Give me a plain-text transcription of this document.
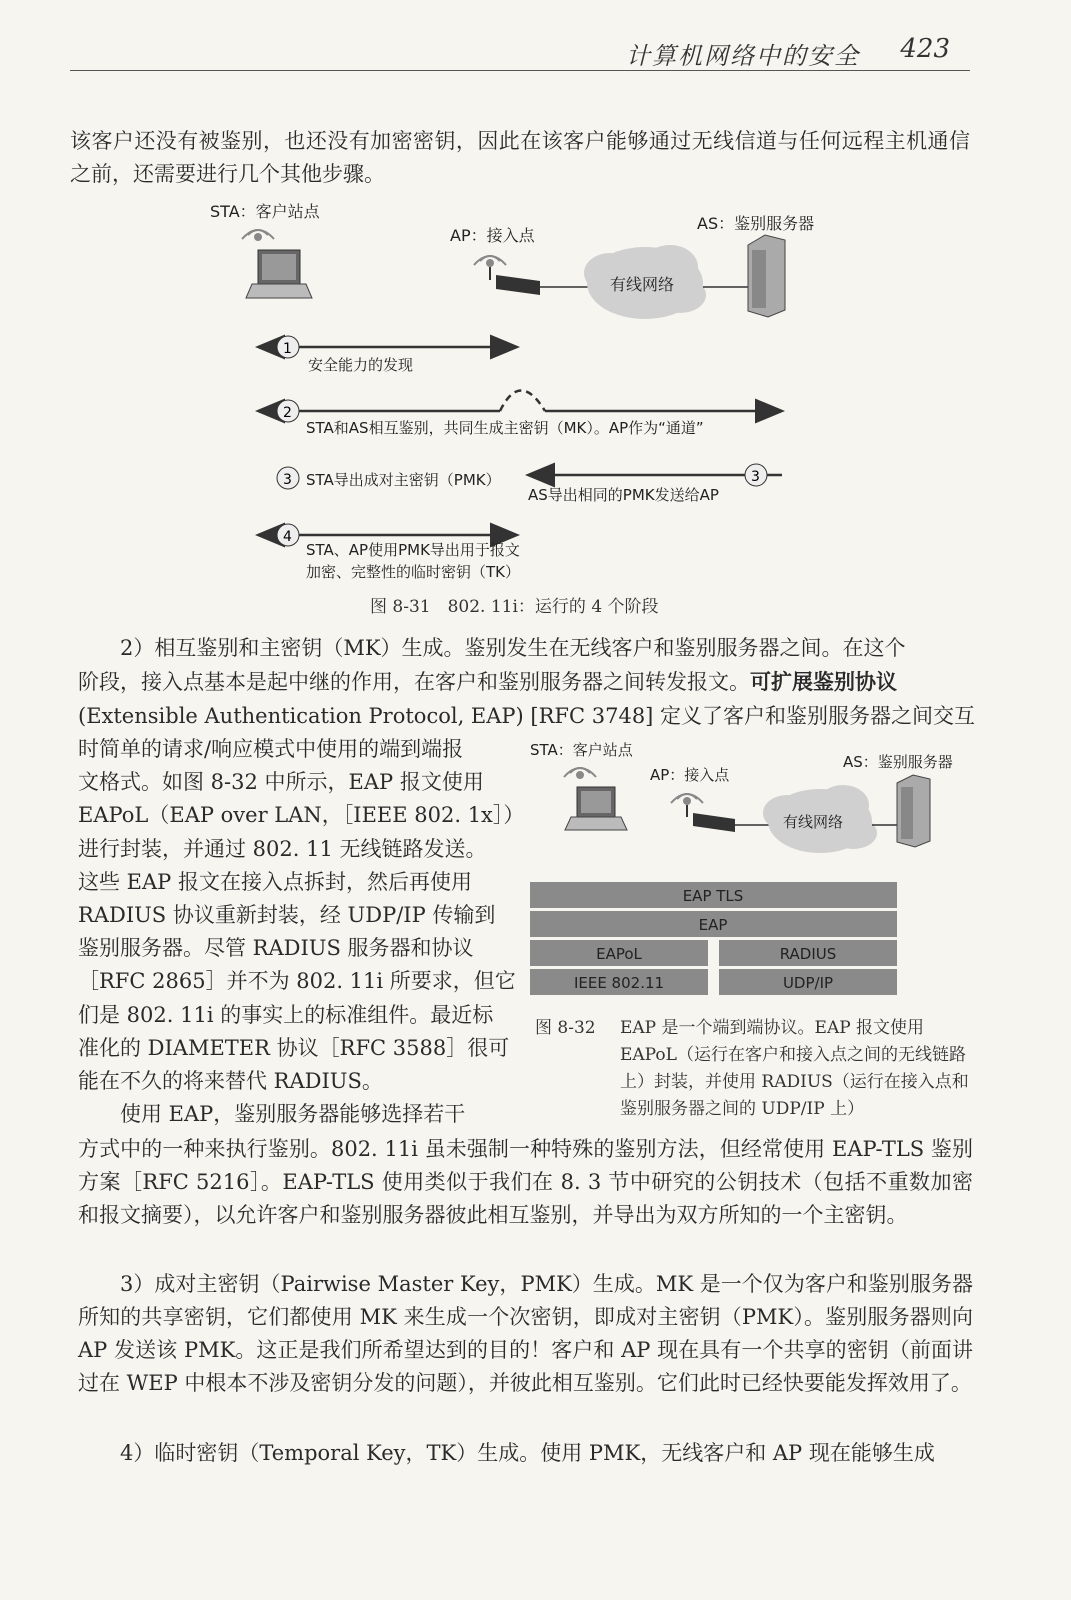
计算机网络中的安全 423

该客户还没有被鉴别，也还没有加密密钥，因此在该客户能够通过无线信道与任何远程主机通信之前，还需要进行几个其他步骤。

STA：客户站点
AP：接入点
有线网络
AS：鉴别服务器
1
安全能力的发现
2
STA和AS相互鉴别，共同生成主密钥（MK）。AP作为“通道”
3 STA导出成对主密钥（PMK）	3
AS导出相同的PMK发送给AP
4
STA、AP使用PMK导出用于报文
加密、完整性的临时密钥（TK）
图 8-31　802. 11i：运行的 4 个阶段

2）相互鉴别和主密钥（MK）生成。鉴别发生在无线客户和鉴别服务器之间。在这个

阶段，接入点基本是起中继的作用，在客户和鉴别服务器之间转发报文。可扩展鉴别协议

(Extensible Authentication Protocol, EAP) [RFC 3748] 定义了客户和鉴别服务器之间交互

时简单的请求/响应模式中使用的端到端报
文格式。如图 8-32 中所示，EAP 报文使用
EAPoL（EAP over LAN，［IEEE 802. 1x］）
进行封装，并通过 802. 11 无线链路发送。
这些 EAP 报文在接入点拆封，然后再使用
RADIUS 协议重新封装，经 UDP/IP 传输到
鉴别服务器。尽管 RADIUS 服务器和协议
［RFC 2865］并不为 802. 11i 所要求，但它
们是 802. 11i 的事实上的标准组件。最近标
准化的 DIAMETER 协议［RFC 3588］很可
能在不久的将来替代 RADIUS。
　　使用 EAP，鉴别服务器能够选择若干
STA：客户站点
AP：接入点
有线网络
AS：鉴别服务器
EAP TLS
EAP
EAPoL	RADIUS
IEEE 802.11	UDP/IP
图 8-32 EAP 是一个端到端协议。EAP 报文使用 EAPoL（运行在客户和接入点之间的无线链路上）封装，并使用 RADIUS（运行在接入点和鉴别服务器之间的 UDP/IP 上）

方式中的一种来执行鉴别。802. 11i 虽未强制一种特殊的鉴别方法，但经常使用 EAP-TLS 鉴别方案［RFC 5216］。EAP-TLS 使用类似于我们在 8. 3 节中研究的公钥技术（包括不重数加密和报文摘要），以允许客户和鉴别服务器彼此相互鉴别，并导出为双方所知的一个主密钥。

3）成对主密钥（Pairwise Master Key，PMK）生成。MK 是一个仅为客户和鉴别服务器所知的共享密钥，它们都使用 MK 来生成一个次密钥，即成对主密钥（PMK）。鉴别服务器则向 AP 发送该 PMK。这正是我们所希望达到的目的！客户和 AP 现在具有一个共享的密钥（前面讲过在 WEP 中根本不涉及密钥分发的问题），并彼此相互鉴别。它们此时已经快要能发挥效用了。

4）临时密钥（Temporal Key，TK）生成。使用 PMK，无线客户和 AP 现在能够生成
